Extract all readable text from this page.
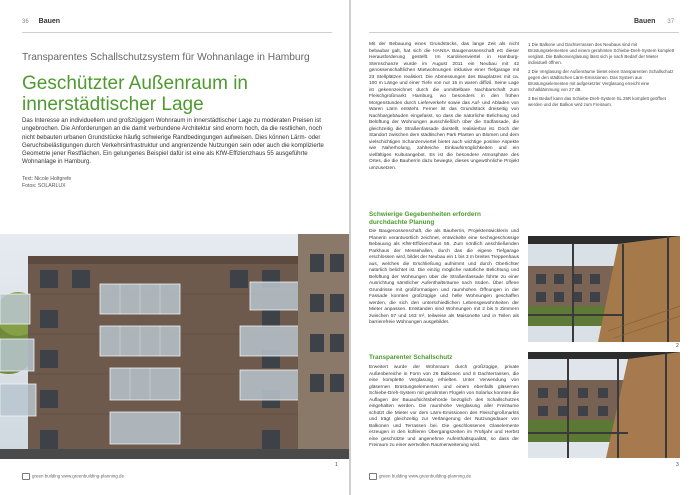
36 Bauen
Transparentes Schallschutzsystem für Wohnanlage in Hamburg
Geschützter Außenraum in innerstädtischer Lage
Das Interesse an individuellem und großzügigem Wohnraum in innerstädtischer Lage zu moderaten Preisen ist ungebrochen. Die Anforderungen an die damit verbundene Architektur sind enorm hoch, da die restlichen, noch nicht bebauten urbanen Grundstücke häufig schwierige Randbedingungen aufweisen. Dies können Lärm- oder Geruchsbelästigungen durch Verkehrsinfrastruktur und angrenzende Nutzungen sein oder auch die komplizierte Geometrie jener Restflächen. Ein gelungenes Beispiel dafür ist eine als KfW-Effizienzhaus 55 ausgeführte Wohnanlage in Hamburg.
Text: Nicole Holtgrefe
Fotos: SOLARLUX
1
green building www.greenbuilding-planning.de
Bauen 37
Mit der Bebauung eines Grundstücks, das lange Zeit als nicht bebaubar galt, hat sich die HANSA Baugenossenschaft eG dieser Herausforderung gestellt. Im Karolinenviertel in Hamburg-Sternschanze wurde im August 2011 ein Neubau mit 42 genossenschaftlichen Mietwohnungen inklusive einer Tiefgarage mit 23 Stellplätzen realisiert. Die Abmessungen des Bauplatzes mit ca. 100 m Länge und einer Tiefe von nur 15 m waren diffizil. Seine Lage ist gekennzeichnet durch die unmittelbare Nachbarschaft zum Fleischgroßmarkt Hamburg, wo besonders in den frühen Morgenstunden durch Lieferverkehr sowie das Auf- und Abladen von Waren Lärm entsteht. Ferner ist das Grundstück dreiseitig von Nachbargebäuden eingefasst, so dass die natürliche Belichtung und Belüftung der Wohnungen ausschließlich über die Südfassade, die gleichzeitig die Straßenfassade darstellt, realisierbar ist. Doch der Standort zwischen dem städtischen Park Planten un Blomen und dem vielschichtigen Schanzenviertel bietet auch wichtige positive Aspekte wie Naherholung, zahlreiche Einkaufsmöglichkeiten und ein vielfältiges Kulturangebot. Es ist die besondere Atmosphäre des Ortes, die die Bauherrin dazu bewegte, dieses ungewöhnliche Projekt umzusetzen.
Schwierige Gegebenheiten erfordern durchdachte Planung
Die Baugenossenschaft, die als Bauherrin, Projektentwicklerin und Planerin verantwortlich zeichnet, entwickelte eine sechsgeschossige Bebauung als KfW-Effizienzhaus 55. Zum nördlich anschließenden Parkhaus der Messehallen, durch das die eigene Tiefgarage erschlossen wird, bildet der Neubau ein 1 bis 3 m breites Treppenhaus aus, welches die Erschließung aufnimmt und durch Oberlichter natürlich belichtet ist. Die einzig mögliche natürliche Belichtung und Belüftung der Wohnungen über die Straßenfassade führte zu einer Ausrichtung sämtlicher Aufenthaltsräume nach Süden. Über offene Grundrisse mit großformatigen und raumhohen Öffnungen in der Fassade konnten großzügige und helle Wohnungen geschaffen werden, die sich den unterschiedlichen Lebensgewohnheiten der Mieter anpassen. Entstanden sind Wohnungen mit 2 bis 5 Zimmern zwischen 57 und 163 m², teilweise als Maisonette und in Teilen als barrierefreie Wohnungen ausgebildet.
Transparenter Schallschutz
Erweitert wurde der Wohnraum durch großzügige, private Außenbereiche in Form von 26 Balkonen und 8 Dachterrassen, die eine komplette Verglasung erhielten. Unter Verwendung von gläsernen Brüstungselementen und einem ebenfalls gläsernen Schiebe-Dreh-System mit gerahmten Flügeln von Solarlux konnten die Auflagen der Bauaufsichtsbehörde bezüglich des Schallschutzes eingehalten werden. Die raumhohe Verglasung aller Freiräume schützt die Mieter vor dem Lärm-Emissionen des Fleischgroßmarkts und trägt gleichzeitig zur Verlängerung der Nutzungsdauer von Balkonen und Terrassen bei. Die geschlossenen Glaselemente erzeugen in den kühleren Übergangszeiten im Frühjahr und Herbst eine geschützte und angenehme Aufenthaltsqualität, so dass der Freiraum zu einer wertvollen Raumerweiterung wird.

1 Die Balkone und Dachterrassen des Neubaus sind mit Brüstungselementen und einem gerahmten Schiebe-Dreh-System komplett verglast. Die Balkonverglasung lässt sich je nach Bedarf der Mieter individuell öffnen.

2 Die Verglasung der Außenräume bietet einen transparenten Schallschutz gegen den städtischen Lärm-Emissionen. Das System aus Brüstungselementen mit aufgesetzter Verglasung erreicht eine Schalldämmung von 27 dB.

3 Bei Bedarf kann das Schiebe-Dreh-System SL 25R komplett geöffnet werden und der Balkon wird zum Freiraum.

2
3
green building www.greenbuilding-planning.de
